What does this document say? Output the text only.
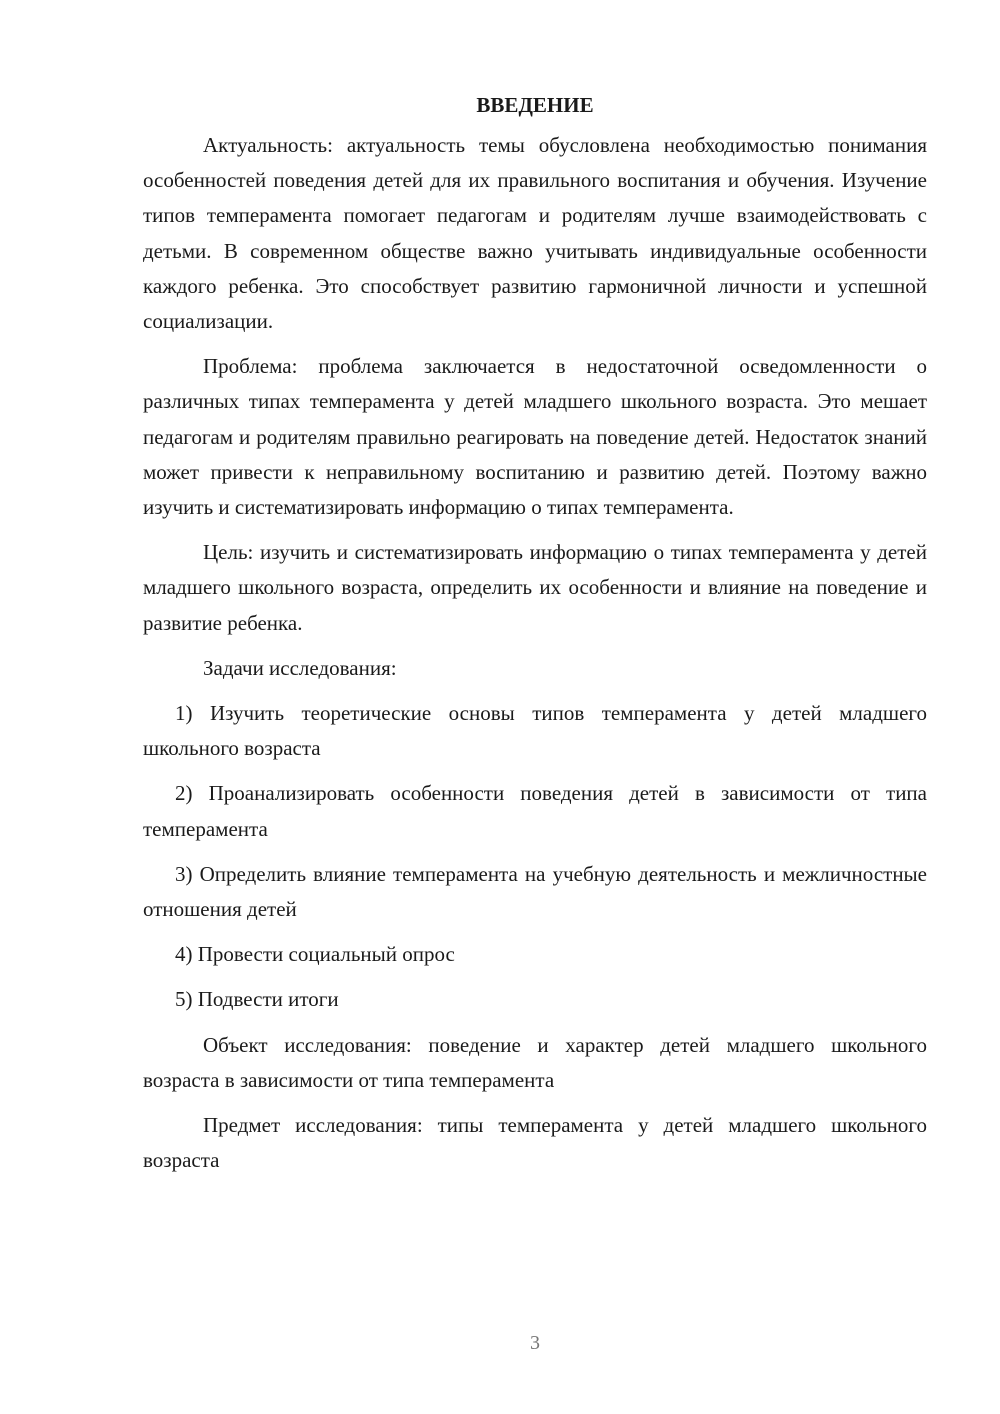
ВВЕДЕНИЕ

Актуальность: актуальность темы обусловлена необходимостью понимания особенностей поведения детей для их правильного воспитания и обучения. Изучение типов темперамента помогает педагогам и родителям лучше взаимодействовать с детьми. В современном обществе важно учитывать индивидуальные особенности каждого ребенка. Это способствует развитию гармоничной личности и успешной социализации.

Проблема: проблема заключается в недостаточной осведомленности о различных типах темперамента у детей младшего школьного возраста. Это мешает педагогам и родителям правильно реагировать на поведение детей. Недостаток знаний может привести к неправильному воспитанию и развитию детей. Поэтому важно изучить и систематизировать информацию о типах темперамента.

Цель: изучить и систематизировать информацию о типах темперамента у детей младшего школьного возраста, определить их особенности и влияние на поведение и развитие ребенка.

Задачи исследования:

1) Изучить теоретические основы типов темперамента у детей младшего школьного возраста

2) Проанализировать особенности поведения детей в зависимости от типа темперамента

3) Определить влияние темперамента на учебную деятельность и межличностные отношения детей

4) Провести социальный опрос

5) Подвести итоги

Объект исследования: поведение и характер детей младшего школьного возраста в зависимости от типа темперамента

Предмет исследования: типы темперамента у детей младшего школьного возраста

3
